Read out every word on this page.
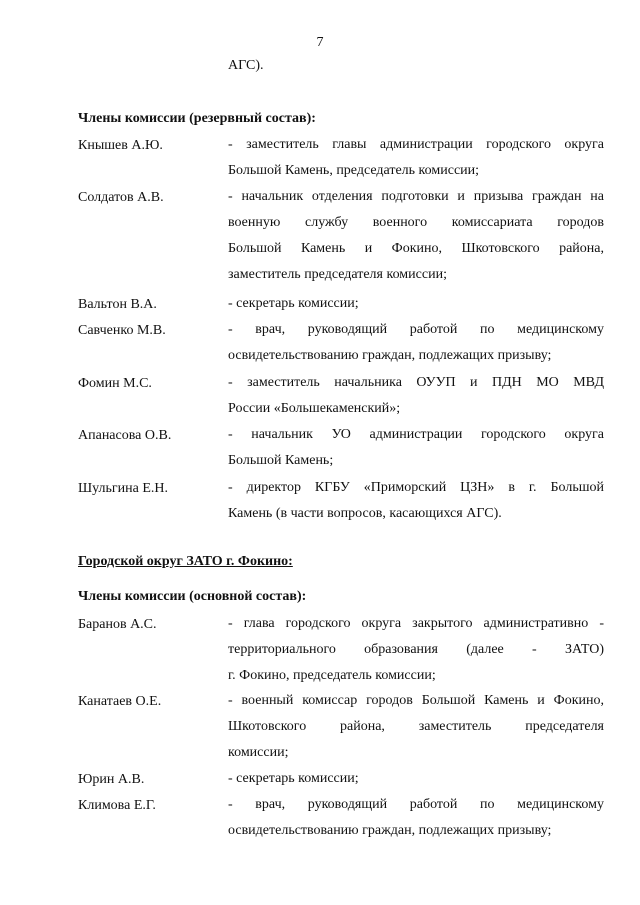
7
АГС).
Члены комиссии (резервный состав):
Кнышев А.Ю.	- заместитель главы администрации городского округа
Большой Камень, председатель комиссии;
Солдатов А.В.	- начальник отделения подготовки и призыва граждан на
военную службу военного комиссариата городов
Большой Камень и Фокино, Шкотовского района,
заместитель председателя комиссии;
Вальтон В.А.	- секретарь комиссии;
Савченко М.В.	- врач, руководящий работой по медицинскому
освидетельствованию граждан, подлежащих призыву;
Фомин М.С.	- заместитель начальника ОУУП и ПДН МО МВД
России «Большекаменский»;
Апанасова О.В.	- начальник УО администрации городского округа
Большой Камень;
Шульгина Е.Н.	- директор КГБУ «Приморский ЦЗН» в г. Большой
Камень (в части вопросов, касающихся АГС).
Городской округ ЗАТО г. Фокино:
Члены комиссии (основной состав):
Баранов А.С.	- глава городского округа закрытого административно -
территориального образования (далее - ЗАТО)
г. Фокино, председатель комиссии;
Канатаев О.Е.	- военный комиссар городов Большой Камень и Фокино,
Шкотовского района, заместитель председателя
комиссии;
Юрин А.В.	- секретарь комиссии;
Климова Е.Г.	- врач, руководящий работой по медицинскому
освидетельствованию граждан, подлежащих призыву;
